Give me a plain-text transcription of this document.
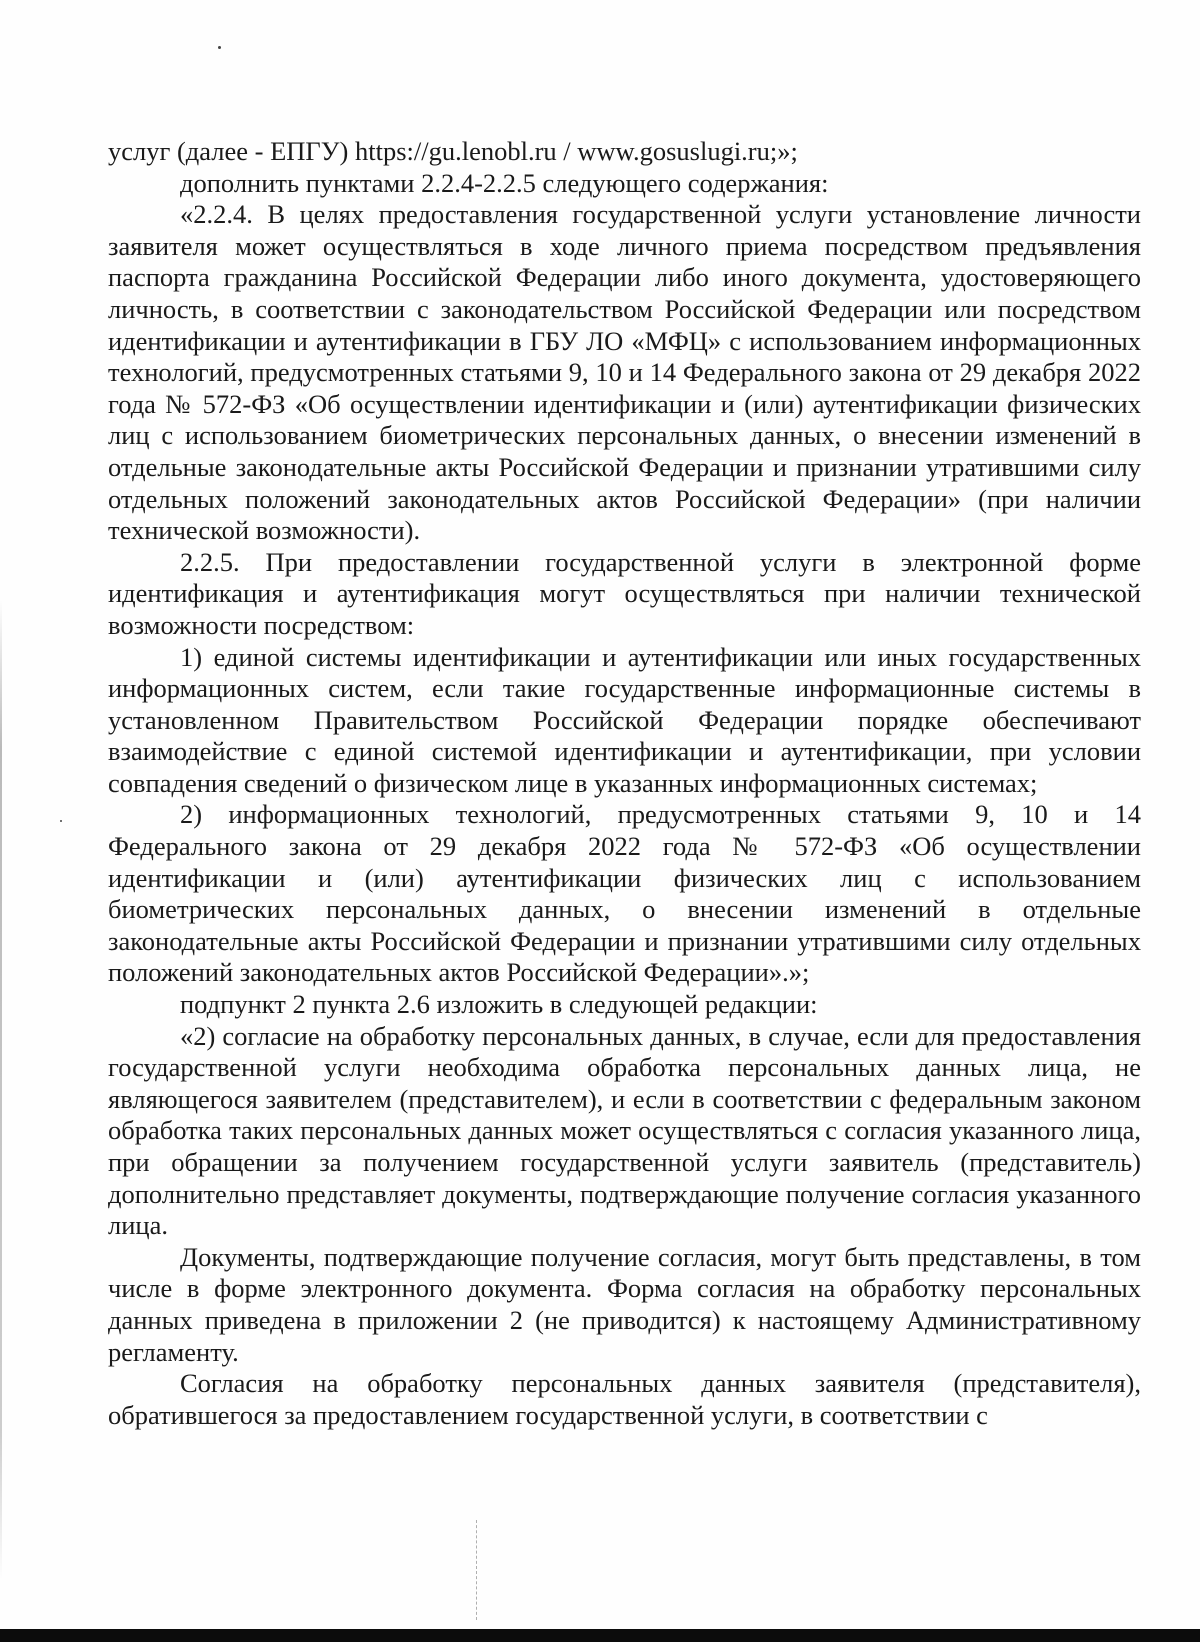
услуг (далее - ЕПГУ) https://gu.lenobl.ru / www.gosuslugi.ru;»;

дополнить пунктами 2.2.4-2.2.5 следующего содержания:

«2.2.4. В целях предоставления государственной услуги установление личности заявителя может осуществляться в ходе личного приема посредством предъявления паспорта гражданина Российской Федерации либо иного документа, удостоверяющего личность, в соответствии с законодательством Российской Федерации или посредством идентификации и аутентификации в ГБУ ЛО «МФЦ» с использованием информационных технологий, предусмотренных статьями 9, 10 и 14 Федерального закона от 29 декабря 2022 года № 572-ФЗ «Об осуществлении идентификации и (или) аутентификации физических лиц с использованием биометрических персональных данных, о внесении изменений в отдельные законодательные акты Российской Федерации и признании утратившими силу отдельных положений законодательных актов Российской Федерации» (при наличии технической возможности).

2.2.5. При предоставлении государственной услуги в электронной форме идентификация и аутентификация могут осуществляться при наличии технической возможности посредством:

1) единой системы идентификации и аутентификации или иных государственных информационных систем, если такие государственные информационные системы в установленном Правительством Российской Федерации порядке обеспечивают взаимодействие с единой системой идентификации и аутентификации, при условии совпадения сведений о физическом лице в указанных информационных системах;

2) информационных технологий, предусмотренных статьями 9, 10 и 14 Федерального закона от 29 декабря 2022 года № 572-ФЗ «Об осуществлении идентификации и (или) аутентификации физических лиц с использованием биометрических персональных данных, о внесении изменений в отдельные законодательные акты Российской Федерации и признании утратившими силу отдельных положений законодательных актов Российской Федерации».»;

подпункт 2 пункта 2.6 изложить в следующей редакции:

«2) согласие на обработку персональных данных, в случае, если для предоставления государственной услуги необходима обработка персональных данных лица, не являющегося заявителем (представителем), и если в соответствии с федеральным законом обработка таких персональных данных может осуществляться с согласия указанного лица, при обращении за получением государственной услуги заявитель (представитель) дополнительно представляет документы, подтверждающие получение согласия указанного лица.

Документы, подтверждающие получение согласия, могут быть представлены, в том числе в форме электронного документа. Форма согласия на обработку персональных данных приведена в приложении 2 (не приводится) к настоящему Административному регламенту.

Согласия на обработку персональных данных заявителя (представителя), обратившегося за предоставлением государственной услуги, в соответствии с
